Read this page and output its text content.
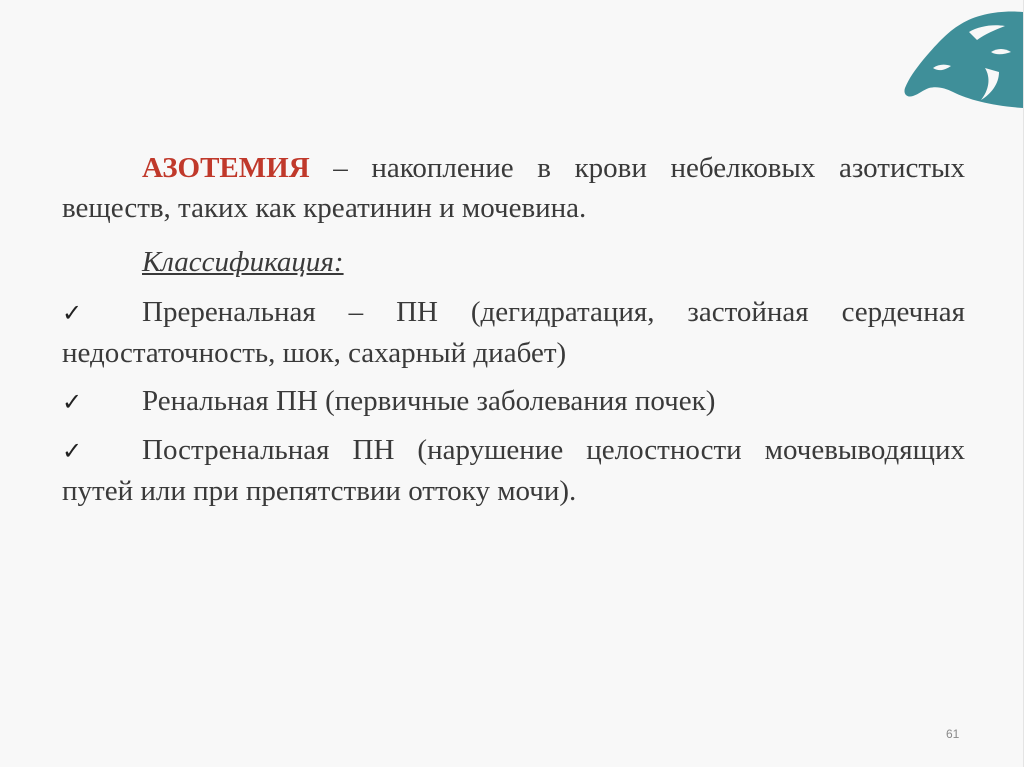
АЗОТЕМИЯ – накопление в крови небелковых азотистых веществ, таких как креатинин и мочевина.

Классификация:

✓ Преренальная – ПН (дегидратация, застойная сердечная недостаточность, шок, сахарный диабет)

✓ Ренальная ПН (первичные заболевания почек)

✓ Постренальная ПН (нарушение целостности мочевыводящих путей или при препятствии оттоку мочи).

61
